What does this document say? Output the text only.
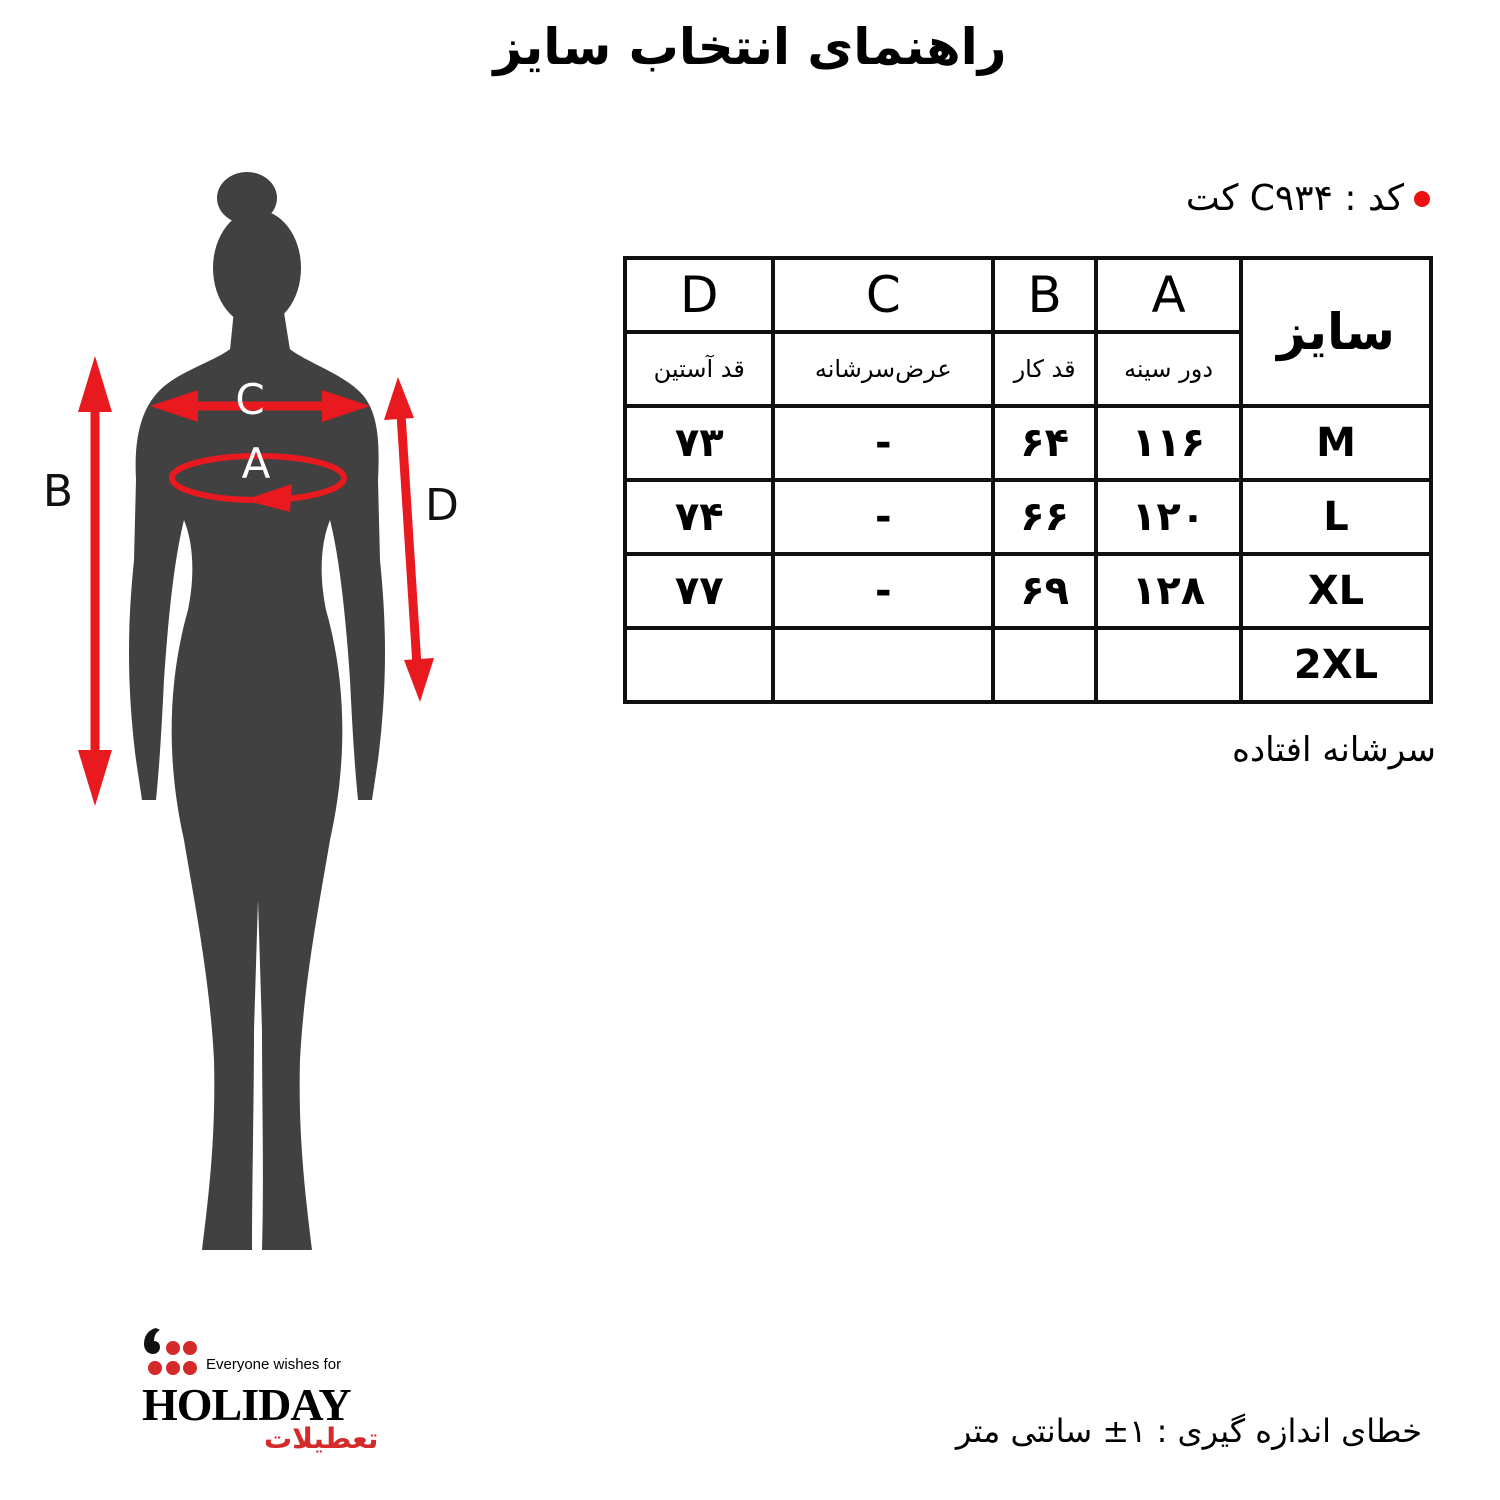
راهنمای انتخاب سایز
C
A
B	D
کد : C۹۳۴ کت
D	C	B	A	سایز
قد آستین	عرض‌سرشانه	قد کار	دور سینه	
۷۳	-	۶۴	۱۱۶	M
۷۴	-	۶۶	۱۲۰	L
۷۷	-	۶۹	۱۲۸	XL
				2XL
سرشانه افتاده
Everyone wishes for
HOLIDAY
تعطیلات	خطای اندازه گیری : ۱± سانتی متر
